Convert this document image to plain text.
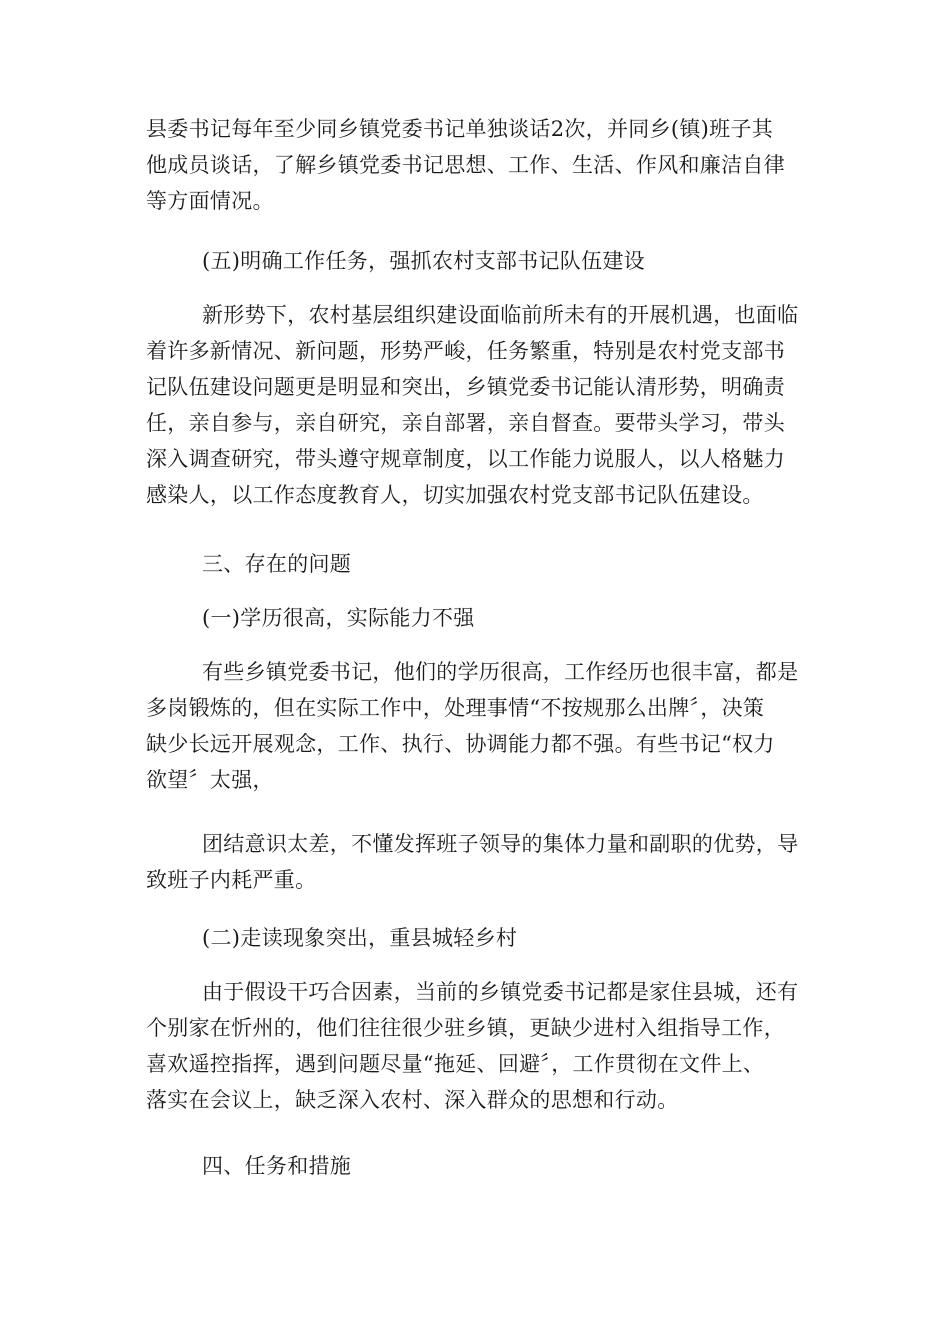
县委书记每年至少同乡镇党委书记单独谈话2次，并同乡(镇)班子其
他成员谈话，了解乡镇党委书记思想、工作、生活、作风和廉洁自律
等方面情况。

(五)明确工作任务，强抓农村支部书记队伍建设

新形势下，农村基层组织建设面临前所未有的开展机遇，也面临
着许多新情况、新问题，形势严峻，任务繁重，特别是农村党支部书
记队伍建设问题更是明显和突出，乡镇党委书记能认清形势，明确责
任，亲自参与，亲自研究，亲自部署，亲自督查。要带头学习，带头
深入调查研究，带头遵守规章制度，以工作能力说服人，以人格魅力
感染人，以工作态度教育人，切实加强农村党支部书记队伍建设。

三、存在的问题
(一)学历很高，实际能力不强

有些乡镇党委书记，他们的学历很高，工作经历也很丰富，都是
多岗锻炼的，但在实际工作中，处理事情“不按规那么出牌〞，决策
缺少长远开展观念，工作、执行、协调能力都不强。有些书记“权力
欲望〞太强，

团结意识太差，不懂发挥班子领导的集体力量和副职的优势，导
致班子内耗严重。

(二)走读现象突出，重县城轻乡村

由于假设干巧合因素，当前的乡镇党委书记都是家住县城，还有
个别家在忻州的，他们往往很少驻乡镇，更缺少进村入组指导工作，
喜欢遥控指挥，遇到问题尽量“拖延、回避〞，工作贯彻在文件上、
落实在会议上，缺乏深入农村、深入群众的思想和行动。

四、任务和措施
